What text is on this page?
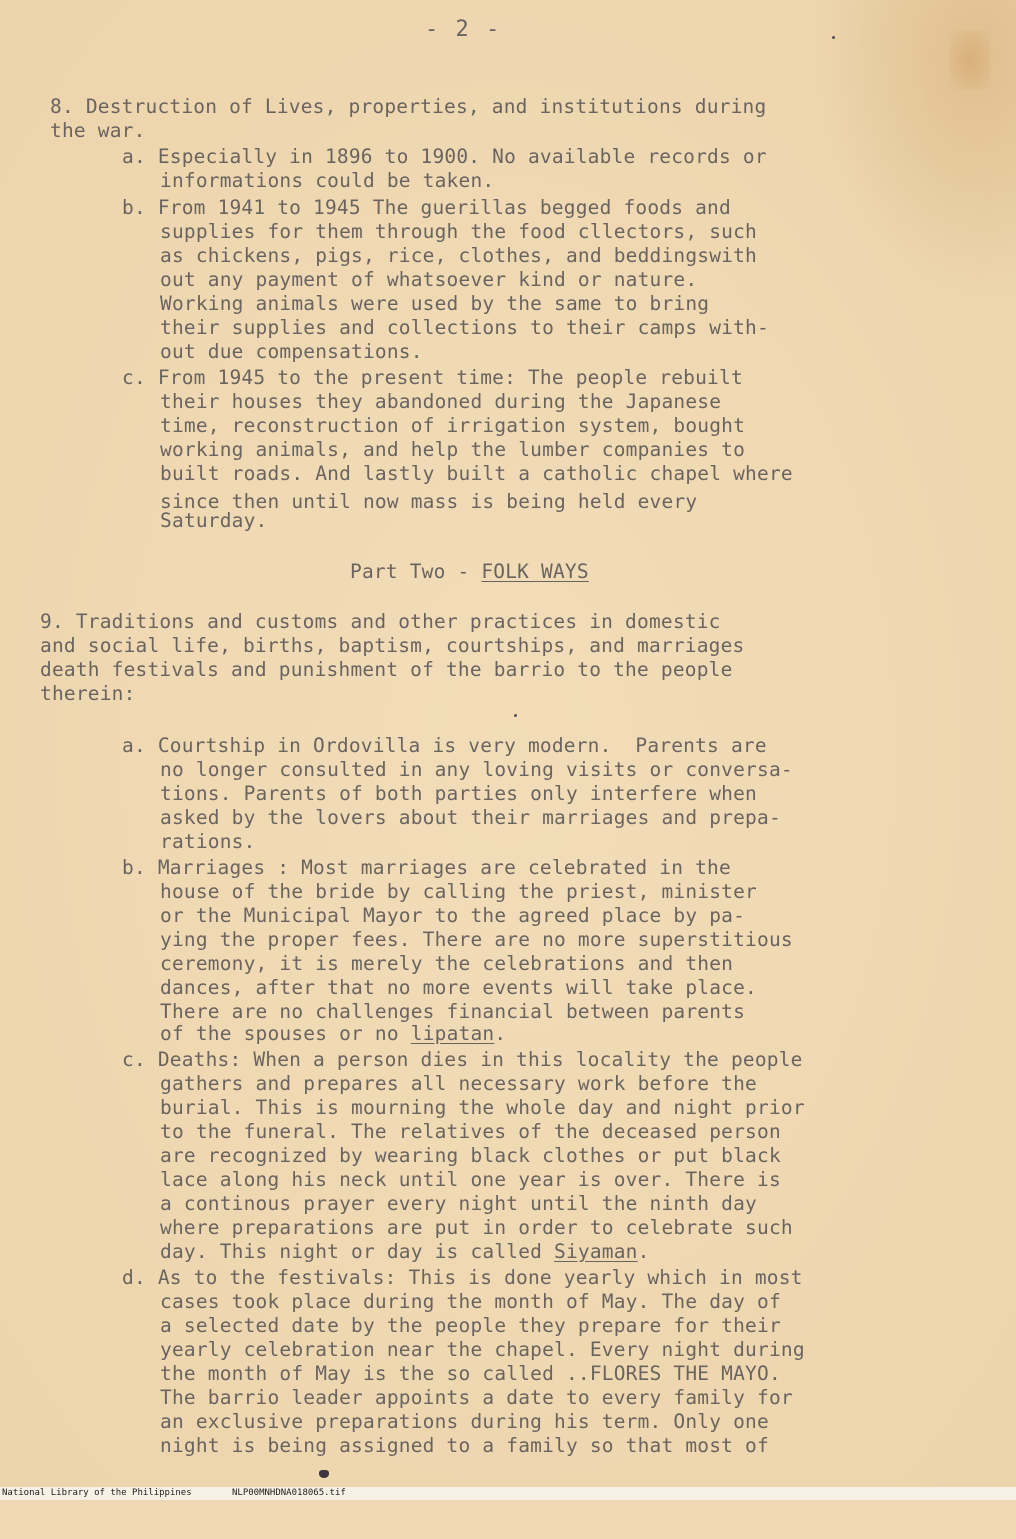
- 2 -
8. Destruction of Lives, properties, and institutions during
the war.
a. Especially in 1896 to 1900. No available records or
informations could be taken.
b. From 1941 to 1945 The guerillas begged foods and
supplies for them through the food cllectors, such
as chickens, pigs, rice, clothes, and beddingswith
out any payment of whatsoever kind or nature.
Working animals were used by the same to bring
their supplies and collections to their camps with-
out due compensations.
c. From 1945 to the present time: The people rebuilt
their houses they abandoned during the Japanese
time, reconstruction of irrigation system, bought
working animals, and help the lumber companies to
built roads. And lastly built a catholic chapel where
since then until now mass is being held every
Saturday.
Part Two - FOLK WAYS
9. Traditions and customs and other practices in domestic
and social life, births, baptism, courtships, and marriages
death festivals and punishment of the barrio to the people
therein:
a. Courtship in Ordovilla is very modern.  Parents are
no longer consulted in any loving visits or conversa-
tions. Parents of both parties only interfere when
asked by the lovers about their marriages and prepa-
rations.
b. Marriages : Most marriages are celebrated in the
house of the bride by calling the priest, minister
or the Municipal Mayor to the agreed place by pa-
ying the proper fees. There are no more superstitious
ceremony, it is merely the celebrations and then
dances, after that no more events will take place.
There are no challenges financial between parents
of the spouses or no lipatan.
c. Deaths: When a person dies in this locality the people
gathers and prepares all necessary work before the
burial. This is mourning the whole day and night prior
to the funeral. The relatives of the deceased person
are recognized by wearing black clothes or put black
lace along his neck until one year is over. There is
a continous prayer every night until the ninth day
where preparations are put in order to celebrate such
day. This night or day is called Siyaman.
d. As to the festivals: This is done yearly which in most
cases took place during the month of May. The day of
a selected date by the people they prepare for their
yearly celebration near the chapel. Every night during
the month of May is the so called ..FLORES THE MAYO.
The barrio leader appoints a date to every family for
an exclusive preparations during his term. Only one
night is being assigned to a family so that most of

National Library of the Philippines

	NLP00MNHDNA018065.tif
